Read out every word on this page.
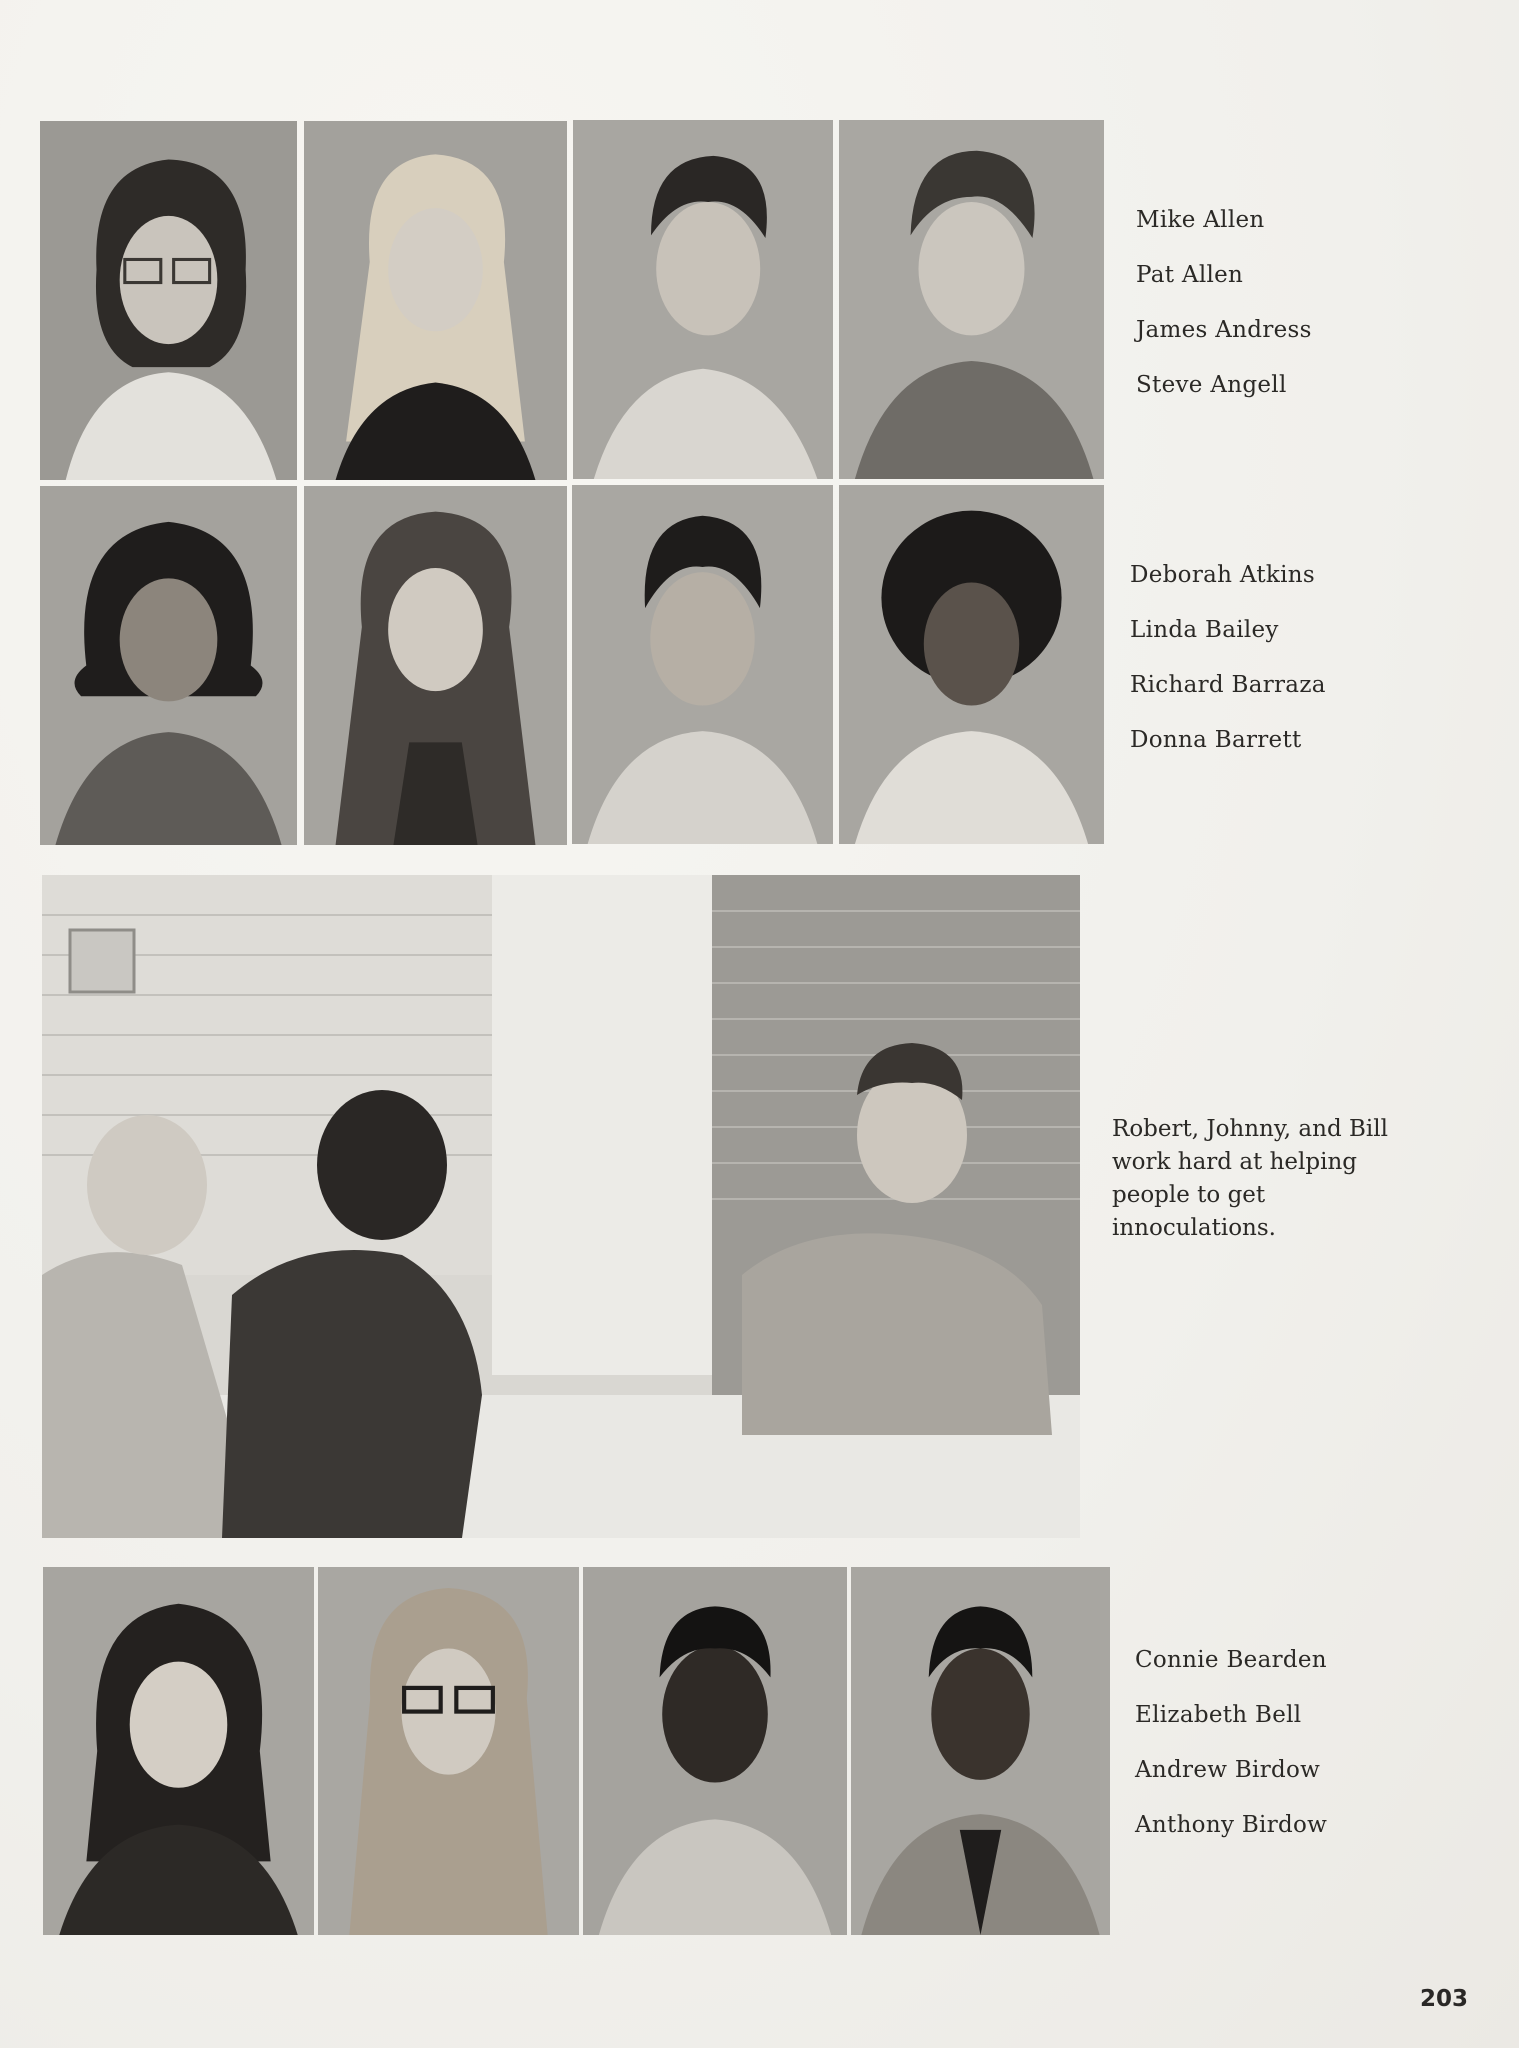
Mike Allen
Pat Allen
James Andress
Steve Angell
Deborah Atkins
Linda Bailey
Richard Barraza
Donna Barrett

Robert, Johnny, and Bill work hard at helping people to get innoculations.

Connie Bearden
Elizabeth Bell
Andrew Birdow
Anthony Birdow
203
